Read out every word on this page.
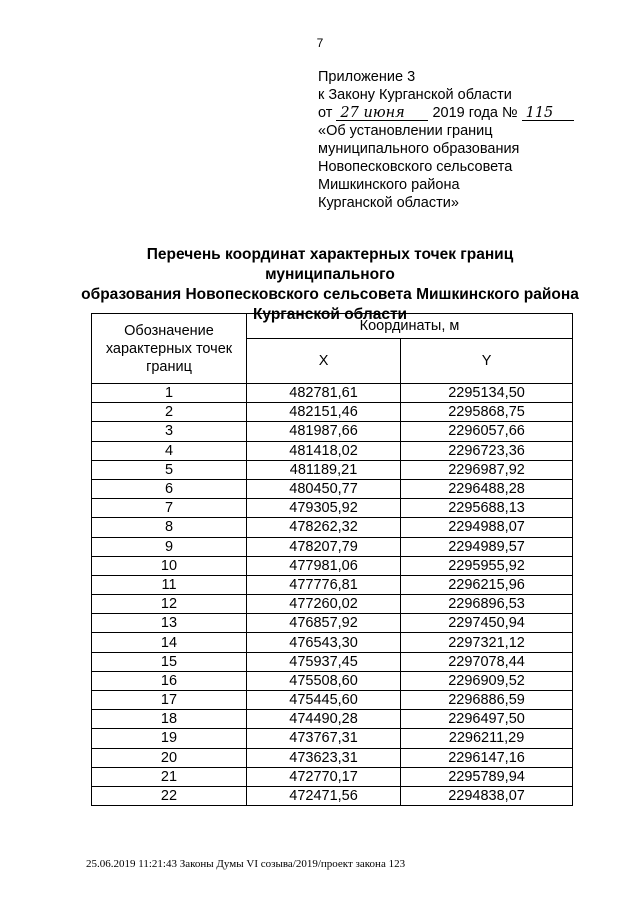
7
Приложение 3
к Закону Курганской области
от 27 июня 2019 года № 115
«Об установлении границ
муниципального образования
Новопесковского сельсовета
Мишкинского района
Курганской области»
Перечень координат характерных точек границ муниципального
образования Новопесковского сельсовета Мишкинского района
Курганской области
Обозначение характерных точек границ	Координаты, м	
	X	Y
1	482781,61	2295134,50
2	482151,46	2295868,75
3	481987,66	2296057,66
4	481418,02	2296723,36
5	481189,21	2296987,92
6	480450,77	2296488,28
7	479305,92	2295688,13
8	478262,32	2294988,07
9	478207,79	2294989,57
10	477981,06	2295955,92
11	477776,81	2296215,96
12	477260,02	2296896,53
13	476857,92	2297450,94
14	476543,30	2297321,12
15	475937,45	2297078,44
16	475508,60	2296909,52
17	475445,60	2296886,59
18	474490,28	2296497,50
19	473767,31	2296211,29
20	473623,31	2296147,16
21	472770,17	2295789,94
22	472471,56	2294838,07
25.06.2019 11:21:43 Законы Думы VI созыва/2019/проект закона 123
